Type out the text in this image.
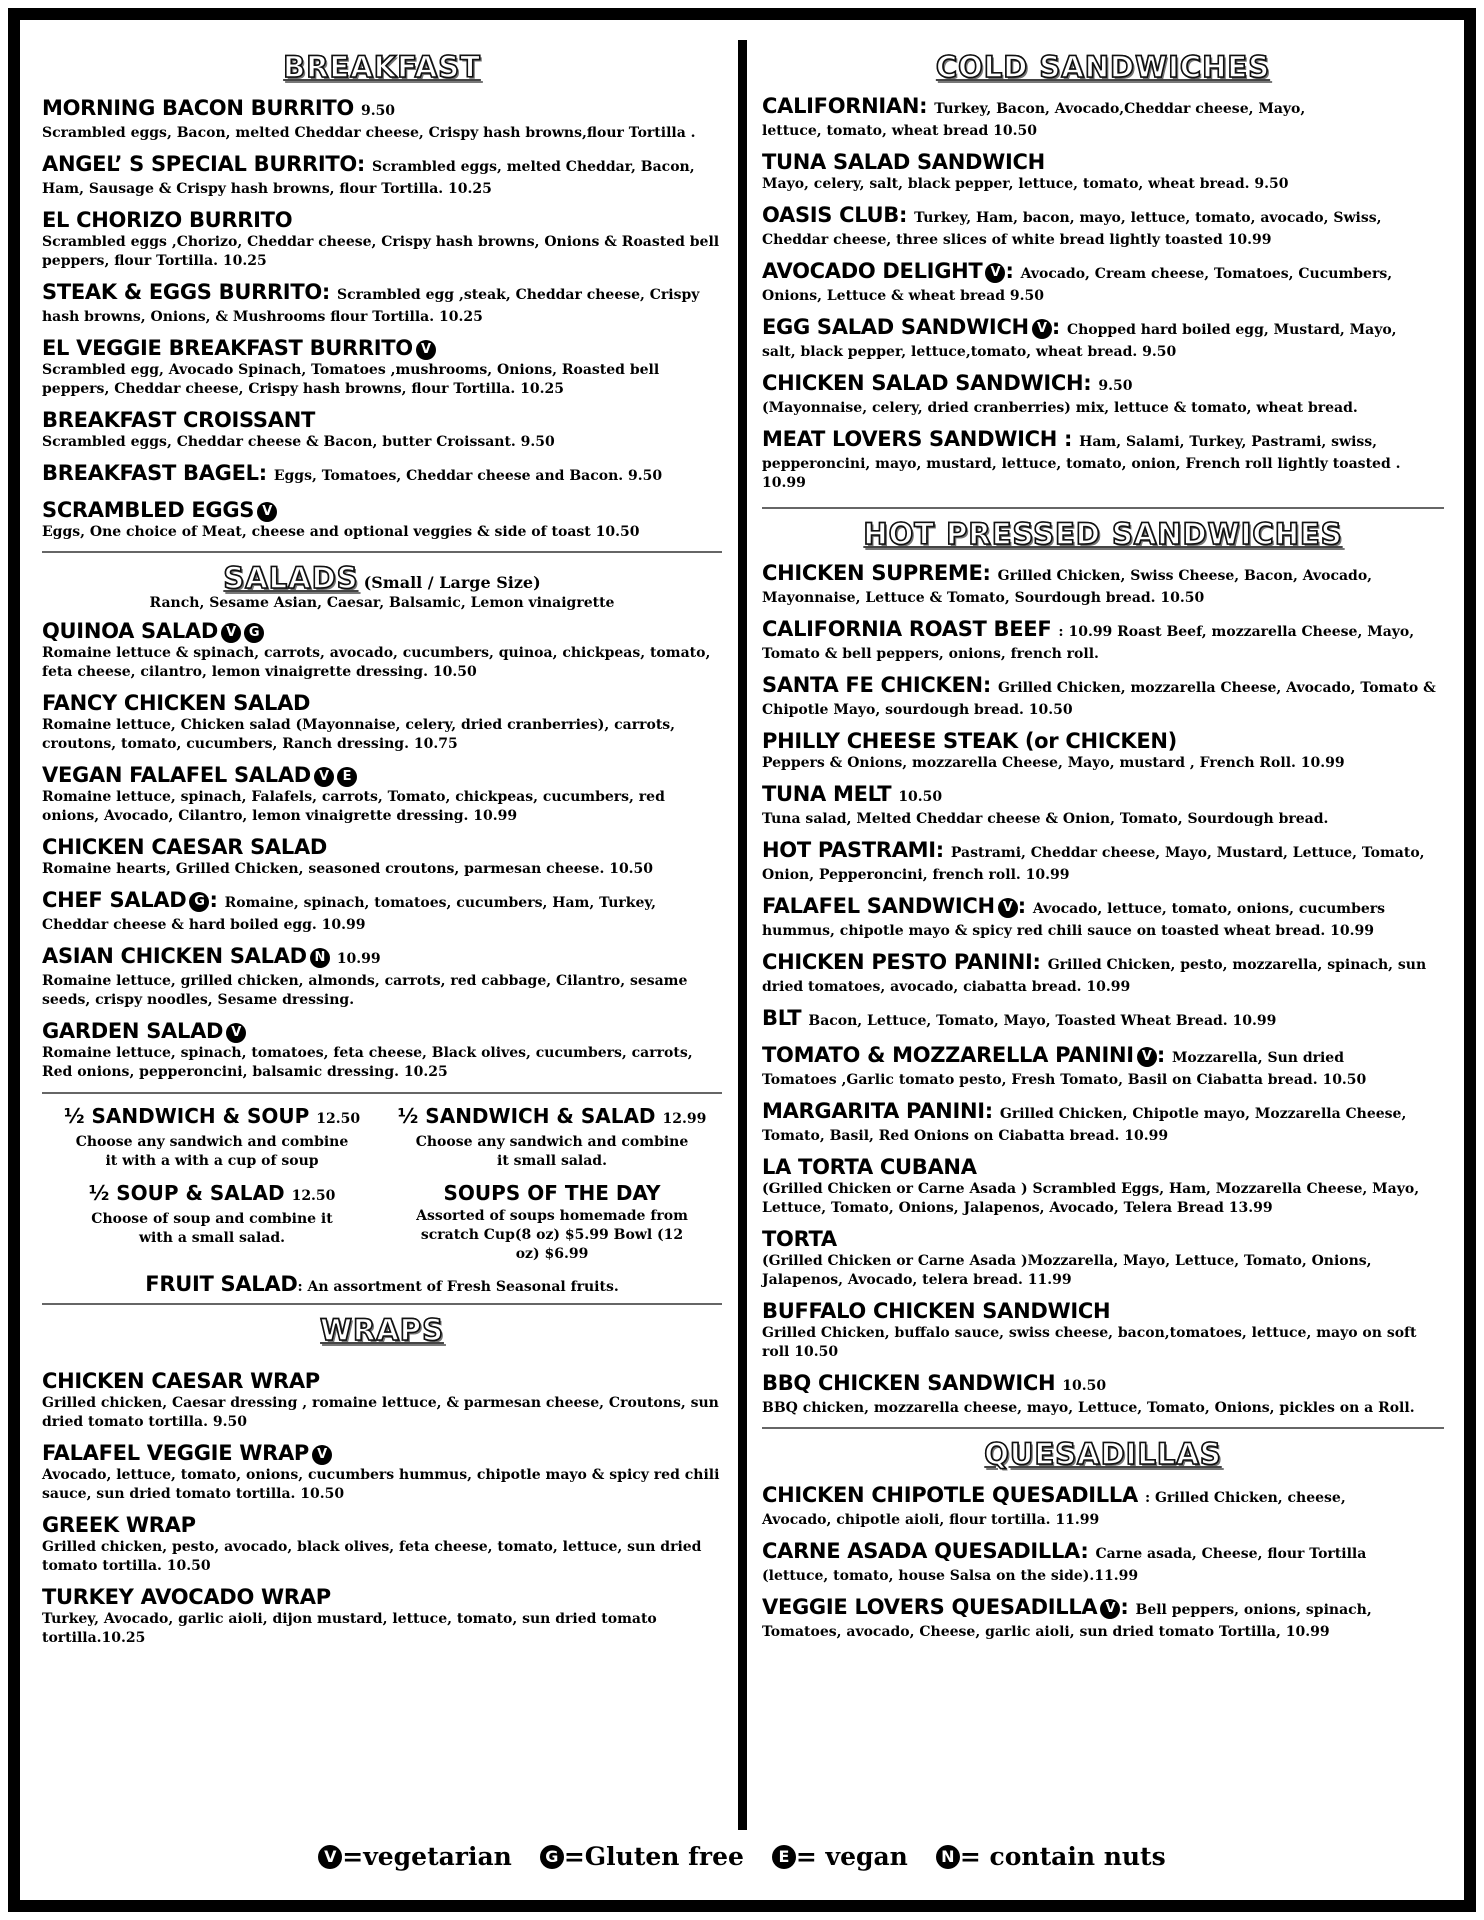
BREAKFAST
MORNING BACON BURRITO 9.50
Scrambled eggs, Bacon, melted Cheddar cheese, Crispy hash browns,flour Tortilla .
ANGEL’ S SPECIAL BURRITO: Scrambled eggs, melted Cheddar, Bacon,
Ham, Sausage & Crispy hash browns, flour Tortilla. 10.25
EL CHORIZO BURRITO
Scrambled eggs ,Chorizo, Cheddar cheese, Crispy hash browns, Onions & Roasted bell peppers, flour Tortilla. 10.25
STEAK & EGGS BURRITO: Scrambled egg ,steak, Cheddar cheese, Crispy
hash browns, Onions, & Mushrooms flour Tortilla. 10.25
EL VEGGIE BREAKFAST BURRITO V
Scrambled egg, Avocado Spinach, Tomatoes ,mushrooms, Onions, Roasted bell peppers, Cheddar cheese, Crispy hash browns, flour Tortilla. 10.25
BREAKFAST CROISSANT
Scrambled eggs, Cheddar cheese & Bacon, butter Croissant. 9.50
BREAKFAST BAGEL: Eggs, Tomatoes, Cheddar cheese and Bacon. 9.50
SCRAMBLED EGGS V
Eggs, One choice of Meat, cheese and optional veggies & side of toast 10.50
SALADS (Small / Large Size)
Ranch, Sesame Asian, Caesar, Balsamic, Lemon vinaigrette
QUINOA SALAD V G
Romaine lettuce & spinach, carrots, avocado, cucumbers, quinoa, chickpeas, tomato, feta cheese, cilantro, lemon vinaigrette dressing. 10.50
FANCY CHICKEN SALAD
Romaine lettuce, Chicken salad (Mayonnaise, celery, dried cranberries), carrots, croutons, tomato, cucumbers, Ranch dressing. 10.75
VEGAN FALAFEL SALAD V E
Romaine lettuce, spinach, Falafels, carrots, Tomato, chickpeas, cucumbers, red onions, Avocado, Cilantro, lemon vinaigrette dressing. 10.99
CHICKEN CAESAR SALAD
Romaine hearts, Grilled Chicken, seasoned croutons, parmesan cheese. 10.50
CHEF SALAD G : Romaine, spinach, tomatoes, cucumbers, Ham, Turkey,
Cheddar cheese & hard boiled egg. 10.99
ASIAN CHICKEN SALAD N 10.99
Romaine lettuce, grilled chicken, almonds, carrots, red cabbage, Cilantro, sesame seeds, crispy noodles, Sesame dressing.
GARDEN SALAD V
Romaine lettuce, spinach, tomatoes, feta cheese, Black olives, cucumbers, carrots, Red onions, pepperoncini, balsamic dressing. 10.25
½ SANDWICH & SOUP 12.50
Choose any sandwich and combine it with a with a cup of soup
½ SANDWICH & SALAD 12.99
Choose any sandwich and combine it small salad.
½ SOUP & SALAD 12.50
Choose of soup and combine it with a small salad.
SOUPS OF THE DAY
Assorted of soups homemade from scratch Cup(8 oz) $5.99 Bowl (12 oz) $6.99
FRUIT SALAD: An assortment of Fresh Seasonal fruits.
WRAPS
CHICKEN CAESAR WRAP
Grilled chicken, Caesar dressing , romaine lettuce, & parmesan cheese, Croutons, sun dried tomato tortilla. 9.50
FALAFEL VEGGIE WRAP V
Avocado, lettuce, tomato, onions, cucumbers hummus, chipotle mayo & spicy red chili sauce, sun dried tomato tortilla. 10.50
GREEK WRAP
Grilled chicken, pesto, avocado, black olives, feta cheese, tomato, lettuce, sun dried tomato tortilla. 10.50
TURKEY AVOCADO WRAP
Turkey, Avocado, garlic aioli, dijon mustard, lettuce, tomato, sun dried tomato tortilla.10.25
COLD SANDWICHES
CALIFORNIAN: Turkey, Bacon, Avocado,Cheddar cheese, Mayo,
lettuce, tomato, wheat bread 10.50
TUNA SALAD SANDWICH
Mayo, celery, salt, black pepper, lettuce, tomato, wheat bread. 9.50
OASIS CLUB: Turkey, Ham, bacon, mayo, lettuce, tomato, avocado, Swiss,
Cheddar cheese, three slices of white bread lightly toasted 10.99
AVOCADO DELIGHT V : Avocado, Cream cheese, Tomatoes, Cucumbers,
Onions, Lettuce & wheat bread 9.50
EGG SALAD SANDWICH V : Chopped hard boiled egg, Mustard, Mayo,
salt, black pepper, lettuce,tomato, wheat bread. 9.50
CHICKEN SALAD SANDWICH: 9.50
(Mayonnaise, celery, dried cranberries) mix, lettuce & tomato, wheat bread.
MEAT LOVERS SANDWICH : Ham, Salami, Turkey, Pastrami, swiss,
pepperoncini, mayo, mustard, lettuce, tomato, onion, French roll lightly toasted . 10.99
HOT PRESSED SANDWICHES
CHICKEN SUPREME: Grilled Chicken, Swiss Cheese, Bacon, Avocado,
Mayonnaise, Lettuce & Tomato, Sourdough bread. 10.50
CALIFORNIA ROAST BEEF : 10.99 Roast Beef, mozzarella Cheese, Mayo,
Tomato & bell peppers, onions, french roll.
SANTA FE CHICKEN: Grilled Chicken, mozzarella Cheese, Avocado, Tomato &
Chipotle Mayo, sourdough bread. 10.50
PHILLY CHEESE STEAK (or CHICKEN)
Peppers & Onions, mozzarella Cheese, Mayo, mustard , French Roll. 10.99
TUNA MELT 10.50
Tuna salad, Melted Cheddar cheese & Onion, Tomato, Sourdough bread.
HOT PASTRAMI: Pastrami, Cheddar cheese, Mayo, Mustard, Lettuce, Tomato,
Onion, Pepperoncini, french roll. 10.99
FALAFEL SANDWICH V : Avocado, lettuce, tomato, onions, cucumbers
hummus, chipotle mayo & spicy red chili sauce on toasted wheat bread. 10.99
CHICKEN PESTO PANINI: Grilled Chicken, pesto, mozzarella, spinach, sun
dried tomatoes, avocado, ciabatta bread. 10.99
BLT Bacon, Lettuce, Tomato, Mayo, Toasted Wheat Bread. 10.99
TOMATO & MOZZARELLA PANINI V : Mozzarella, Sun dried
Tomatoes ,Garlic tomato pesto, Fresh Tomato, Basil on Ciabatta bread. 10.50
MARGARITA PANINI: Grilled Chicken, Chipotle mayo, Mozzarella Cheese,
Tomato, Basil, Red Onions on Ciabatta bread. 10.99
LA TORTA CUBANA
(Grilled Chicken or Carne Asada ) Scrambled Eggs, Ham, Mozzarella Cheese, Mayo, Lettuce, Tomato, Onions, Jalapenos, Avocado, Telera Bread 13.99
TORTA
(Grilled Chicken or Carne Asada )Mozzarella, Mayo, Lettuce, Tomato, Onions, Jalapenos, Avocado, telera bread. 11.99
BUFFALO CHICKEN SANDWICH
Grilled Chicken, buffalo sauce, swiss cheese, bacon,tomatoes, lettuce, mayo on soft roll 10.50
BBQ CHICKEN SANDWICH 10.50
BBQ chicken, mozzarella cheese, mayo, Lettuce, Tomato, Onions, pickles on a Roll.
QUESADILLAS
CHICKEN CHIPOTLE QUESADILLA : Grilled Chicken, cheese,
Avocado, chipotle aioli, flour tortilla. 11.99
CARNE ASADA QUESADILLA: Carne asada, Cheese, flour Tortilla
(lettuce, tomato, house Salsa on the side).11.99
VEGGIE LOVERS QUESADILLA V : Bell peppers, onions, spinach,
Tomatoes, avocado, Cheese, garlic aioli, sun dried tomato Tortilla, 10.99
V =vegetarian G =Gluten free E = vegan N = contain nuts
